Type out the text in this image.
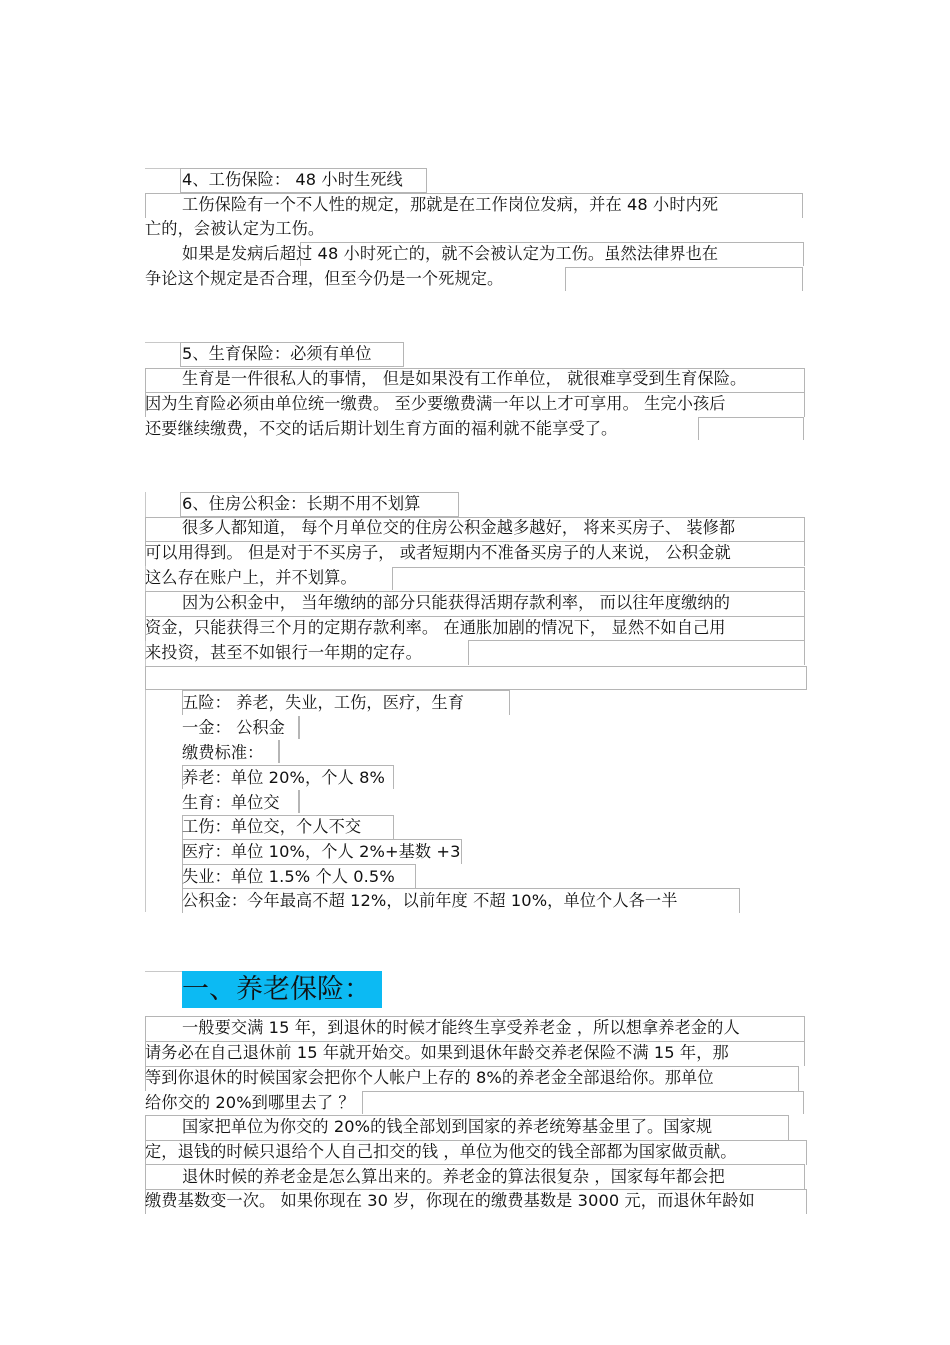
4、工伤保险： 48 小时生死线
工伤保险有一个不人性的规定，那就是在工作岗位发病，并在 48 小时内死
亡的，会被认定为工伤。
如果是发病后超过 48 小时死亡的，就不会被认定为工伤。虽然法律界也在
争论这个规定是否合理，但至今仍是一个死规定。
5、生育保险：必须有单位
生育是一件很私人的事情， 但是如果没有工作单位， 就很难享受到生育保险。
因为生育险必须由单位统一缴费。 至少要缴费满一年以上才可享用。 生完小孩后
还要继续缴费，不交的话后期计划生育方面的福利就不能享受了。
6、住房公积金：长期不用不划算
很多人都知道， 每个月单位交的住房公积金越多越好， 将来买房子、 装修都
可以用得到。 但是对于不买房子， 或者短期内不准备买房子的人来说， 公积金就
这么存在账户上，并不划算。
因为公积金中， 当年缴纳的部分只能获得活期存款利率， 而以往年度缴纳的
资金，只能获得三个月的定期存款利率。 在通胀加剧的情况下， 显然不如自己用
来投资，甚至不如银行一年期的定存。
五险： 养老，失业，工伤，医疗，生育
一金： 公积金
缴费标准：
养老：单位 20%，个人 8%
生育：单位交
工伤：单位交，个人不交
医疗：单位 10%，个人 2%+基数 +3
失业：单位 1.5% 个人 0.5%
公积金：今年最高不超 12%，以前年度 不超 10%，单位个人各一半
一、养老保险：
一般要交满 15 年，到退休的时候才能终生享受养老金 ，所以想拿养老金的人
请务必在自己退休前 15 年就开始交。如果到退休年龄交养老保险不满 15 年，那
等到你退休的时候国家会把你个人帐户上存的 8%的养老金全部退给你。那单位
给你交的 20%到哪里去了 ？
国家把单位为你交的 20%的钱全部划到国家的养老统筹基金里了。国家规
定，退钱的时候只退给个人自己扣交的钱 ，单位为他交的钱全部都为国家做贡献。
退休时候的养老金是怎么算出来的。养老金的算法很复杂 ，国家每年都会把
缴费基数变一次。 如果你现在 30 岁，你现在的缴费基数是 3000 元，而退休年龄如
